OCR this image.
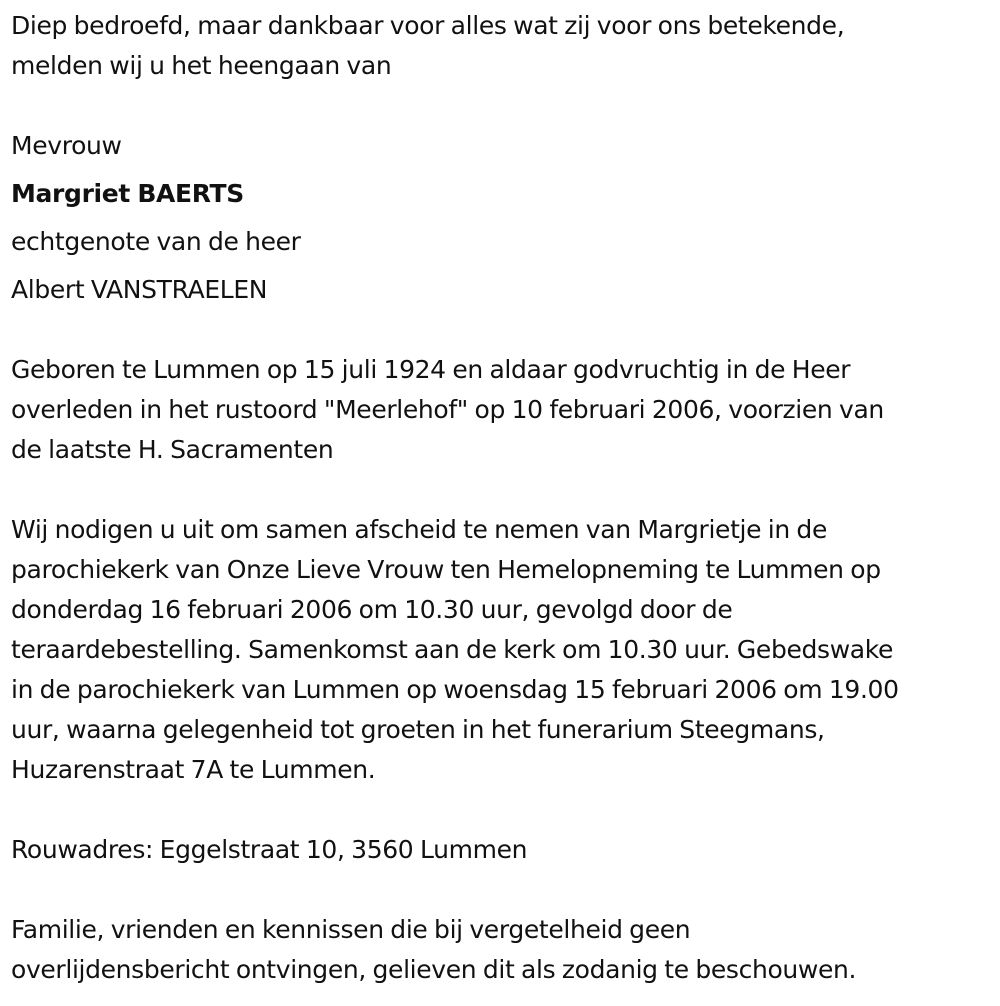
Diep bedroefd, maar dankbaar voor alles wat zij voor ons betekende,
melden wij u het heengaan van
Mevrouw
Margriet BAERTS
echtgenote van de heer
Albert VANSTRAELEN
Geboren te Lummen op 15 juli 1924 en aldaar godvruchtig in de Heer
overleden in het rustoord "Meerlehof" op 10 februari 2006, voorzien van
de laatste H. Sacramenten
Wij nodigen u uit om samen afscheid te nemen van Margrietje in de
parochiekerk van Onze Lieve Vrouw ten Hemelopneming te Lummen op
donderdag 16 februari 2006 om 10.30 uur, gevolgd door de
teraardebestelling. Samenkomst aan de kerk om 10.30 uur. Gebedswake
in de parochiekerk van Lummen op woensdag 15 februari 2006 om 19.00
uur, waarna gelegenheid tot groeten in het funerarium Steegmans,
Huzarenstraat 7A te Lummen.
Rouwadres: Eggelstraat 10, 3560 Lummen
Familie, vrienden en kennissen die bij vergetelheid geen
overlijdensbericht ontvingen, gelieven dit als zodanig te beschouwen.
